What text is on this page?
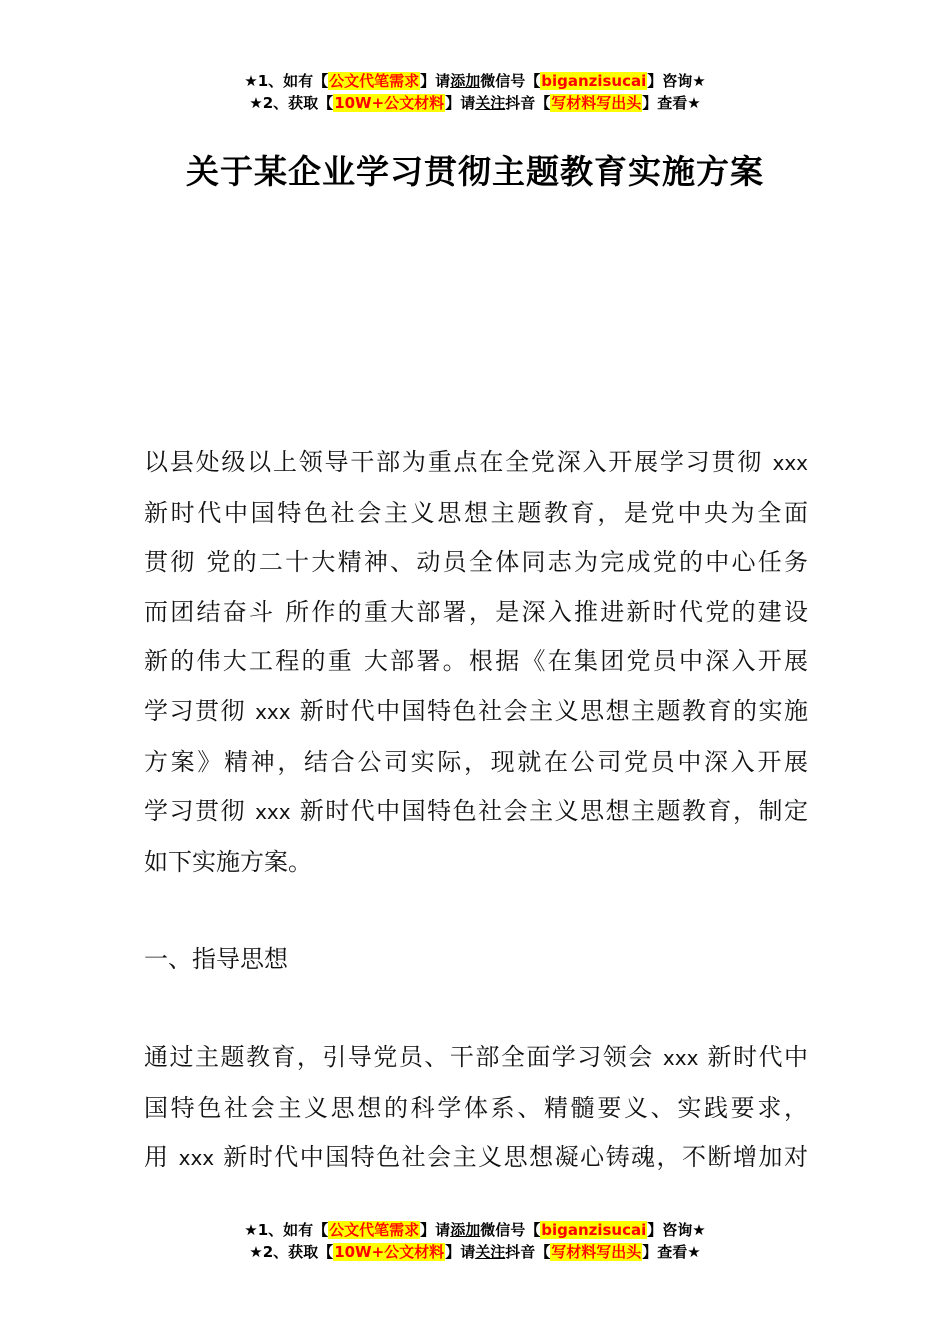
★1、如有【公文代笔需求】请添加微信号【biganzisucai】咨询★
★2、获取【10W+公文材料】请关注抖音【写材料写出头】查看★
关于某企业学习贯彻主题教育实施方案
以县处级以上领导干部为重点在全党深入开展学习贯彻 xxx
新时代中国特色社会主义思想主题教育，是党中央为全面
贯彻 党的二十大精神、动员全体同志为完成党的中心任务
而团结奋斗 所作的重大部署，是深入推进新时代党的建设
新的伟大工程的重 大部署。根据《在集团党员中深入开展
学习贯彻 xxx 新时代中国特色社会主义思想主题教育的实施
方案》精神，结合公司实际，现就在公司党员中深入开展
学习贯彻 xxx 新时代中国特色社会主义思想主题教育，制定
如下实施方案。
一、指导思想
通过主题教育，引导党员、干部全面学习领会 xxx 新时代中
国特色社会主义思想的科学体系、精髓要义、实践要求，
用 xxx 新时代中国特色社会主义思想凝心铸魂，不断增加对
★1、如有【公文代笔需求】请添加微信号【biganzisucai】咨询★
★2、获取【10W+公文材料】请关注抖音【写材料写出头】查看★
